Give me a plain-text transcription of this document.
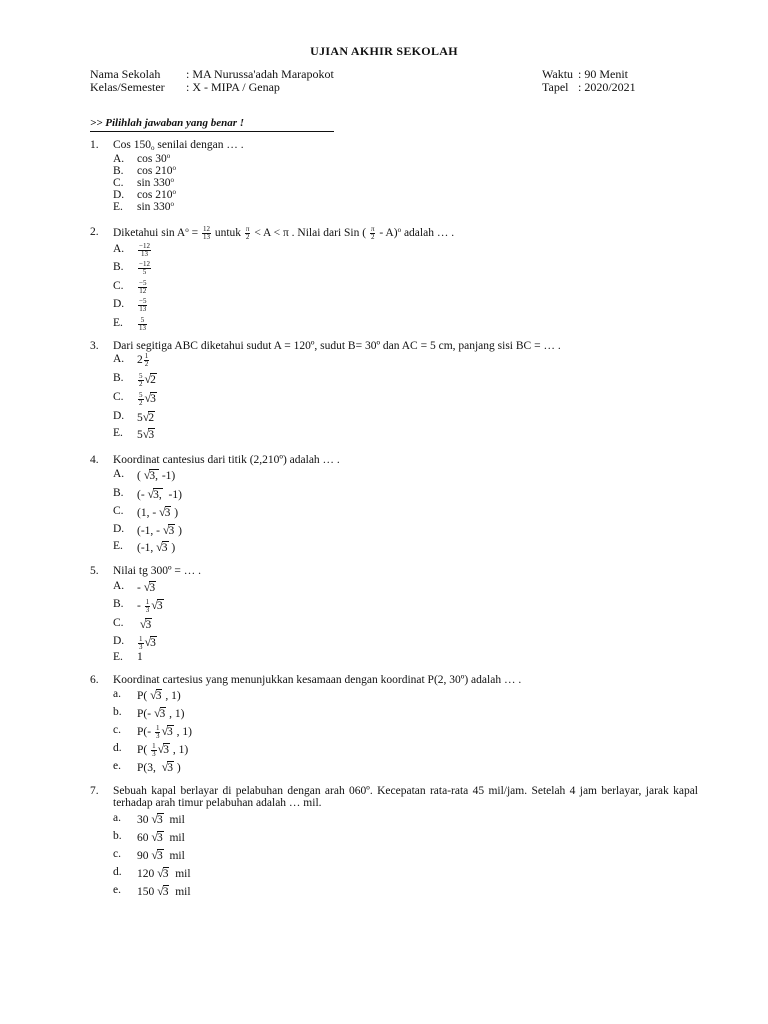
UJIAN AKHIR SEKOLAH
Nama Sekolah : MA Nurussa'adah Marapokot	Waktu : 90 Menit
Kelas/Semester : X - MIPA / Genap	Tapel : 2020/2021
>> Pilihlah jawaban yang benar !
1. Cos $150_o$ senilai dengan … .
A. cos 30$^o$
B. cos 210$^o$
C. sin 330$^o$
D. cos 210$^o$
E. sin 330$^o$
2. Diketahui $\sin A^o = \frac{12}{13}$ untuk $\frac{\pi}{2} < A < \pi$ . Nilai dari Sin ( $\frac{\pi}{2} - A)^o$ adalah … .
A. $\frac{-12}{13}$
B. $\frac{-12}{5}$
C. $\frac{-5}{12}$
D. $\frac{-5}{13}$
E. $\frac{5}{13}$
3. Dari segitiga ABC diketahui sudut A = 120º, sudut B= 30º dan AC = 5 cm, panjang sisi BC = … .
A. $2 \frac{1}{2}$
B. $\frac{5}{2} √2$
C. $\frac{5}{2} √3$
D. 5√2
E. 5√3
4. Koordinat cantesius dari titik (2,210º) adalah … .
A. ( √3, -1)
B. (- √3,  -1)
C. (1, - √3 )
D. (-1, - √3 )
E. (-1, √3 )
5. Nilai tg 300º = … .
A. - √3
B. - $\frac{1}{3} √3$
C. √3
D. $\frac{1}{3} √3$
E. 1
6. Koordinat cartesius yang menunjukkan kesamaan dengan koordinat P(2, 30º) adalah … .
a. P( √3 , 1)
b. P(- √3 , 1)
c. $P(- \frac{1}{3} √3$ , 1)
d. $P( \frac{1}{3} √3$ , 1)
e. P(3,  √3 )
7. Sebuah kapal berlayar di pelabuhan dengan arah 060º. Kecepatan rata-rata 45 mil/jam. Setelah 4 jam berlayar, jarak kapal terhadap arah timur pelabuhan adalah … mil.
a. 30 √3  mil
b. 60 √3  mil
c. 90 √3  mil
d. 120 √3  mil
e. 150 √3  mil
